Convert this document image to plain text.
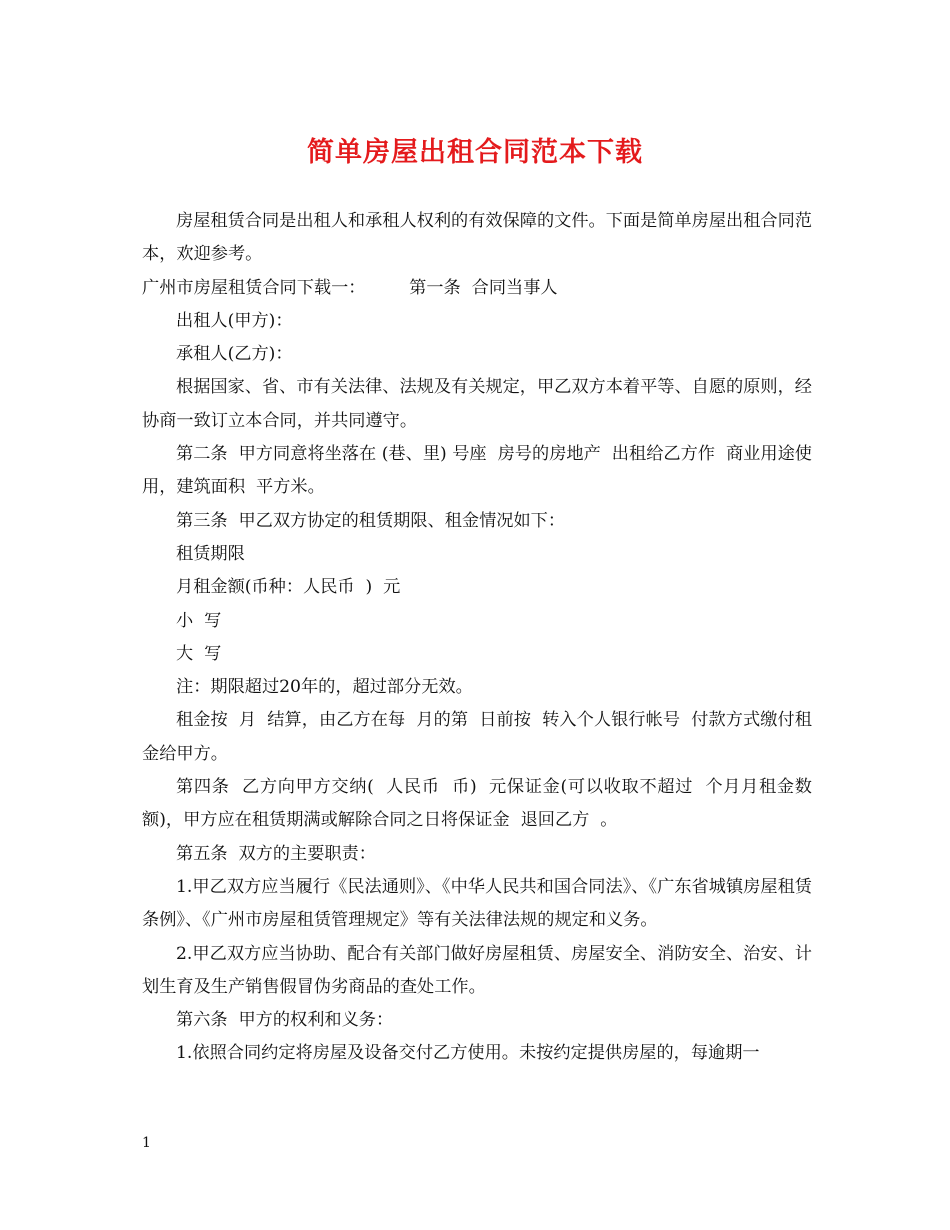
简单房屋出租合同范本下载

房屋租赁合同是出租人和承租人权利的有效保障的文件。下面是简单房屋出租合同范本，欢迎参考。

广州市房屋租赁合同下载一：        第一条  合同当事人

出租人(甲方)：

承租人(乙方)：

根据国家、省、市有关法律、法规及有关规定，甲乙双方本着平等、自愿的原则，经协商一致订立本合同，并共同遵守。

第二条  甲方同意将坐落在 (巷、里) 号座  房号的房地产  出租给乙方作  商业用途使用，建筑面积  平方米。

第三条  甲乙双方协定的租赁期限、租金情况如下：

租赁期限

月租金额(币种：人民币  )  元

小  写

大  写

注：期限超过20年的，超过部分无效。

租金按  月  结算，由乙方在每  月的第  日前按  转入个人银行帐号  付款方式缴付租金给甲方。

第四条  乙方向甲方交纳(  人民币  币)  元保证金(可以收取不超过  个月月租金数额)，甲方应在租赁期满或解除合同之日将保证金  退回乙方  。

第五条  双方的主要职责：

1.甲乙双方应当履行《民法通则》、《中华人民共和国合同法》、《广东省城镇房屋租赁条例》、《广州市房屋租赁管理规定》等有关法律法规的规定和义务。

2.甲乙双方应当协助、配合有关部门做好房屋租赁、房屋安全、消防安全、治安、计划生育及生产销售假冒伪劣商品的查处工作。

第六条  甲方的权利和义务：

1.依照合同约定将房屋及设备交付乙方使用。未按约定提供房屋的，每逾期一

1
